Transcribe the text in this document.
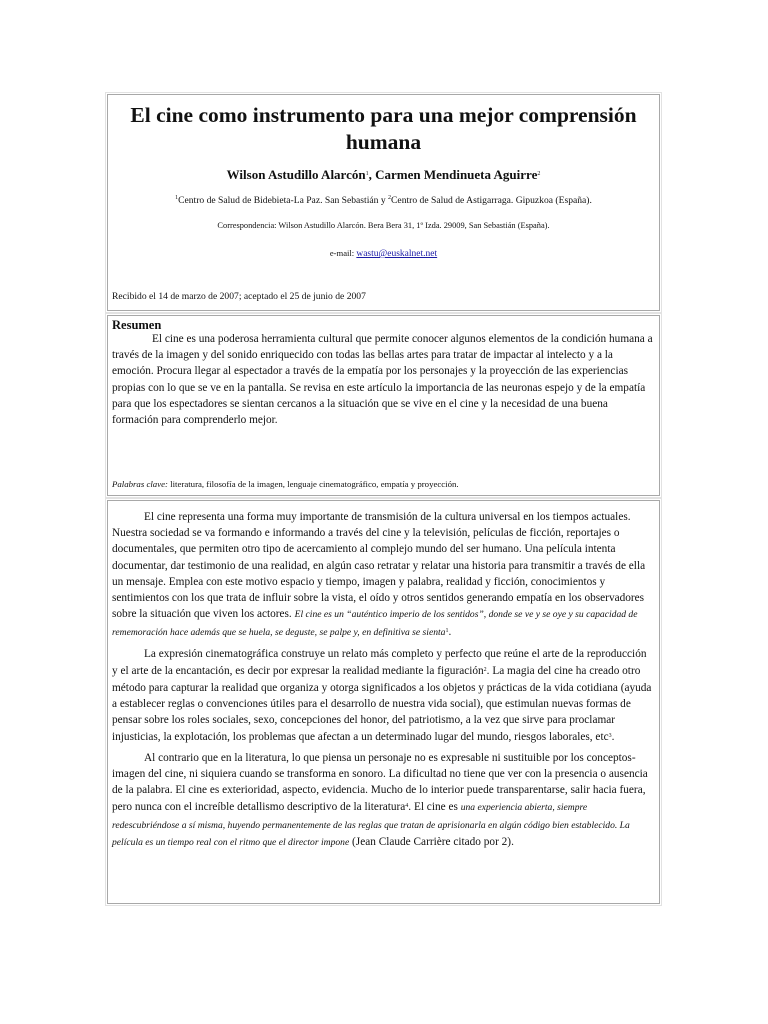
El cine como instrumento para una mejor comprensión humana
Wilson Astudillo Alarcón$^1$, Carmen Mendinueta Aguirre$^2$
$^1$Centro de Salud de Bidebieta-La Paz. San Sebastián y $^2$Centro de Salud de Astigarraga. Gipuzkoa (España).
Correspondencia: Wilson Astudillo Alarcón. Bera Bera 31, 1º Izda. 29009, San Sebastián (España).
e-mail: wastu@euskalnet.net
Recibido el 14 de marzo de 2007; aceptado el 25 de junio de 2007
Resumen
El cine es una poderosa herramienta cultural que permite conocer algunos elementos de la condición humana a través de la imagen y del sonido enriquecido con todas las bellas artes para tratar de impactar al intelecto y a la emoción. Procura llegar al espectador a través de la empatía por los personajes y la proyección de las experiencias propias con lo que se ve en la pantalla. Se revisa en este artículo la importancia de las neuronas espejo y de la empatía para que los espectadores se sientan cercanos a la situación que se vive en el cine y la necesidad de una buena formación para comprenderlo mejor.
Palabras clave: literatura, filosofía de la imagen, lenguaje cinematográfico, empatía y proyección.

El cine representa una forma muy importante de transmisión de la cultura universal en los tiempos actuales. Nuestra sociedad se va formando e informando a través del cine y la televisión, películas de ficción, reportajes o documentales, que permiten otro tipo de acercamiento al complejo mundo del ser humano. Una película intenta documentar, dar testimonio de una realidad, en algún caso retratar y relatar una historia para transmitir a través de ella un mensaje. Emplea con este motivo espacio y tiempo, imagen y palabra, realidad y ficción, conocimientos y sentimientos con los que trata de influir sobre la vista, el oído y otros sentidos generando empatía en los observadores sobre la situación que viven los actores. El cine es un “auténtico imperio de los sentidos”, donde se ve y se oye y su capacidad de rememoración hace además que se huela, se deguste, se palpe y, en definitiva se sienta$^1$.

La expresión cinematográfica construye un relato más completo y perfecto que reúne el arte de la reproducción y el arte de la encantación, es decir por expresar la realidad mediante la figuración$^2$. La magia del cine ha creado otro método para capturar la realidad que organiza y otorga significados a los objetos y prácticas de la vida cotidiana (ayuda a establecer reglas o convenciones útiles para el desarrollo de nuestra vida social), que estimulan nuevas formas de pensar sobre los roles sociales, sexo, concepciones del honor, del patriotismo, a la vez que sirve para proclamar injusticias, la explotación, los problemas que afectan a un determinado lugar del mundo, riesgos laborales, etc$^3$.

Al contrario que en la literatura, lo que piensa un personaje no es expresable ni sustituible por los conceptos-imagen del cine, ni siquiera cuando se transforma en sonoro. La dificultad no tiene que ver con la presencia o ausencia de la palabra. El cine es exterioridad, aspecto, evidencia. Mucho de lo interior puede transparentarse, salir hacia fuera, pero nunca con el increíble detallismo descriptivo de la literatura$^4$. El cine es una experiencia abierta, siempre redescubriéndose a sí misma, huyendo permanentemente de las reglas que tratan de aprisionarla en algún código bien establecido. La película es un tiempo real con el ritmo que el director impone (Jean Claude Carrière citado por 2).
